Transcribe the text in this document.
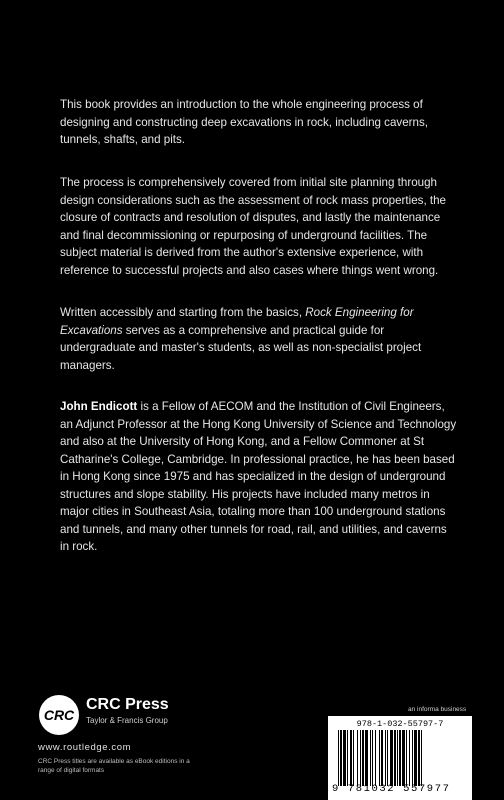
This book provides an introduction to the whole engineering process of designing and constructing deep excavations in rock, including caverns, tunnels, shafts, and pits.
The process is comprehensively covered from initial site planning through design considerations such as the assessment of rock mass properties, the closure of contracts and resolution of disputes, and lastly the maintenance and final decommissioning or repurposing of underground facilities. The subject material is derived from the author's extensive experience, with reference to successful projects and also cases where things went wrong.
Written accessibly and starting from the basics, Rock Engineering for Excavations serves as a comprehensive and practical guide for undergraduate and master's students, as well as non-specialist project managers.
John Endicott is a Fellow of AECOM and the Institution of Civil Engineers, an Adjunct Professor at the Hong Kong University of Science and Technology and also at the University of Hong Kong, and a Fellow Commoner at St Catharine's College, Cambridge. In professional practice, he has been based in Hong Kong since 1975 and has specialized in the design of underground structures and slope stability. His projects have included many metros in major cities in Southeast Asia, totaling more than 100 underground stations and tunnels, and many other tunnels for road, rail, and utilities, and caverns in rock.
CRC
CRC Press
Taylor & Francis Group
www.routledge.com
CRC Press titles are available as eBook editions in a range of digital formats
an informa business
978-1-032-55797-7
9 781032 557977
